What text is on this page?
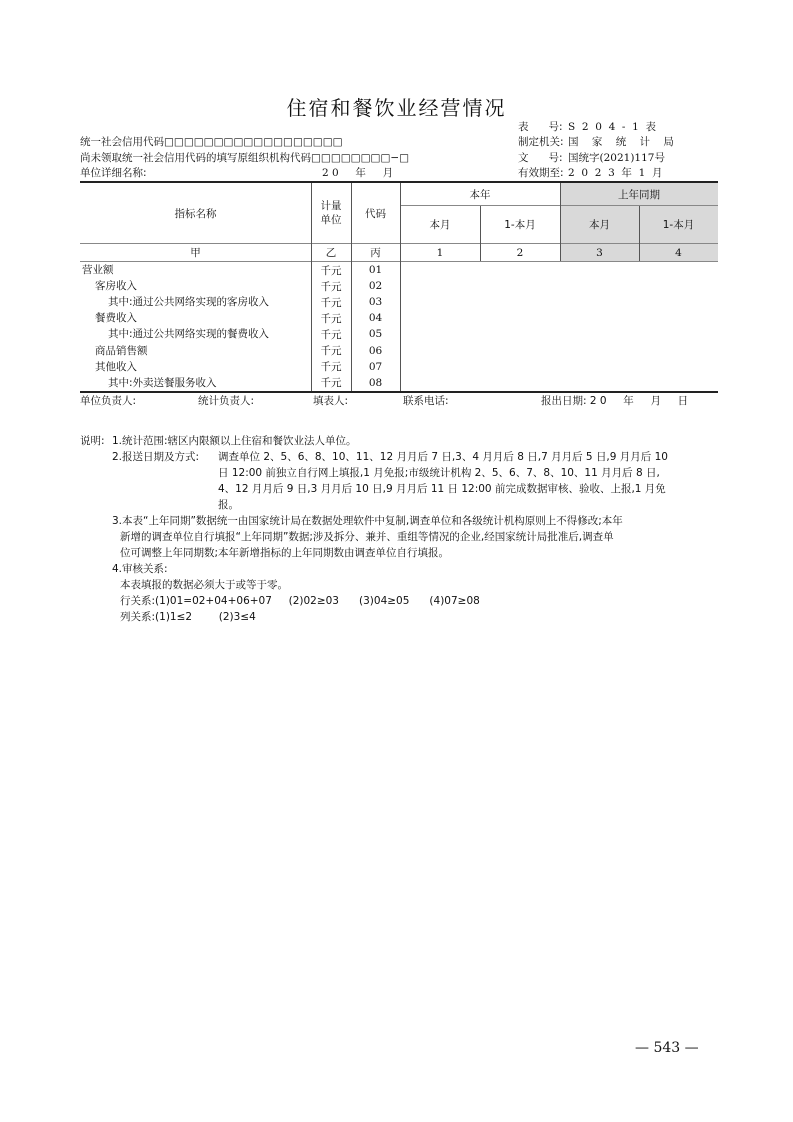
住宿和餐饮业经营情况
统一社会信用代码□□□□□□□□□□□□□□□□□□
尚未领取统一社会信用代码的填写原组织机构代码□□□□□□□□−□
单位详细名称:	2 0     年     月
表      号: S  2  0  4  -  1  表
制定机关: 国    家    统    计    局
文      号: 国统字(2021)117号
有效期至: 2  0  2  3  年  1  月
指标名称
计量
单位
代码
本年	上年同期
本月	1-本月	本月	1-本月
甲	乙	丙	1	2	3	4
营业额	千元	01
客房收入	千元	02
其中:通过公共网络实现的客房收入	千元	03
餐费收入	千元	04
其中:通过公共网络实现的餐费收入	千元	05
商品销售额	千元	06
其他收入	千元	07
其中:外卖送餐服务收入	千元	08
单位负责人:	统计负责人:	填表人:	联系电话:	报出日期: 2 0     年     月     日
说明: 1.统计范围:辖区内限额以上住宿和餐饮业法人单位。
2.报送日期及方式: 调查单位 2、5、6、8、10、11、12 月月后 7 日,3、4 月月后 8 日,7 月月后 5 日,9 月月后 10
日 12:00 前独立自行网上填报,1 月免报;市级统计机构 2、5、6、7、8、10、11 月月后 8 日,
4、12 月月后 9 日,3 月月后 10 日,9 月月后 11 日 12:00 前完成数据审核、验收、上报,1 月免
报。
3.本表“上年同期”数据统一由国家统计局在数据处理软件中复制,调查单位和各级统计机构原则上不得修改;本年
新增的调查单位自行填报“上年同期”数据;涉及拆分、兼并、重组等情况的企业,经国家统计局批准后,调查单
位可调整上年同期数;本年新增指标的上年同期数由调查单位自行填报。
4.审核关系:
本表填报的数据必须大于或等于零。
行关系:(1)01=02+04+06+07     (2)02≥03      (3)04≥05      (4)07≥08
列关系:(1)1≤2        (2)3≤4
— 543 —
